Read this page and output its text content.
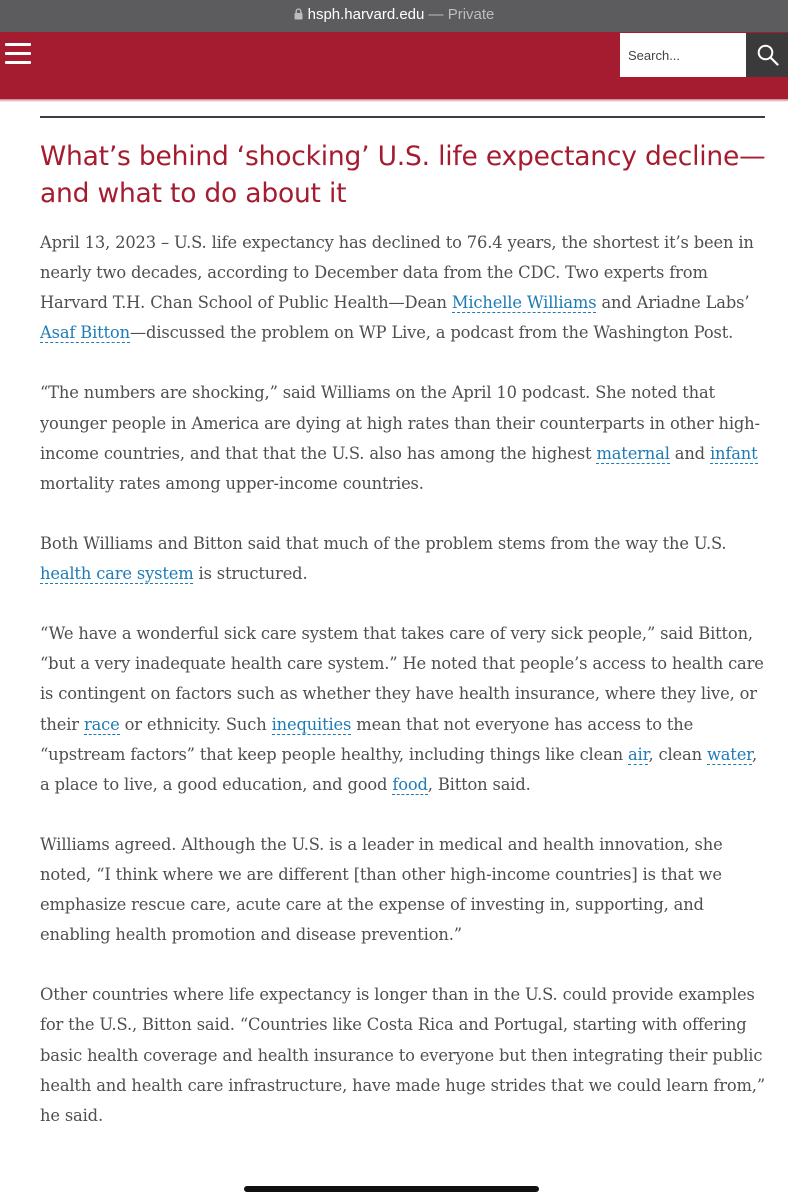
hsph.harvard.edu — Private
Search...
What’s behind ‘shocking’ U.S. life expectancy decline—and what to do about it

April 13, 2023 – U.S. life expectancy has declined to 76.4 years, the shortest it’s been in nearly two decades, according to December data from the CDC. Two experts from Harvard T.H. Chan School of Public Health—Dean Michelle Williams and Ariadne Labs’ Asaf Bitton—discussed the problem on WP Live, a podcast from the Washington Post.

“The numbers are shocking,” said Williams on the April 10 podcast. She noted that younger people in America are dying at high rates than their counterparts in other high-income countries, and that that the U.S. also has among the highest maternal and infant mortality rates among upper-income countries.

Both Williams and Bitton said that much of the problem stems from the way the U.S. health care system is structured.

“We have a wonderful sick care system that takes care of very sick people,” said Bitton, “but a very inadequate health care system.” He noted that people’s access to health care is contingent on factors such as whether they have health insurance, where they live, or their race or ethnicity. Such inequities mean that not everyone has access to the “upstream factors” that keep people healthy, including things like clean air, clean water, a place to live, a good education, and good food, Bitton said.

Williams agreed. Although the U.S. is a leader in medical and health innovation, she noted, “I think where we are different [than other high-income countries] is that we emphasize rescue care, acute care at the expense of investing in, supporting, and enabling health promotion and disease prevention.”

Other countries where life expectancy is longer than in the U.S. could provide examples for the U.S., Bitton said. “Countries like Costa Rica and Portugal, starting with offering basic health coverage and health insurance to everyone but then integrating their public health and health care infrastructure, have made huge strides that we could learn from,” he said.
